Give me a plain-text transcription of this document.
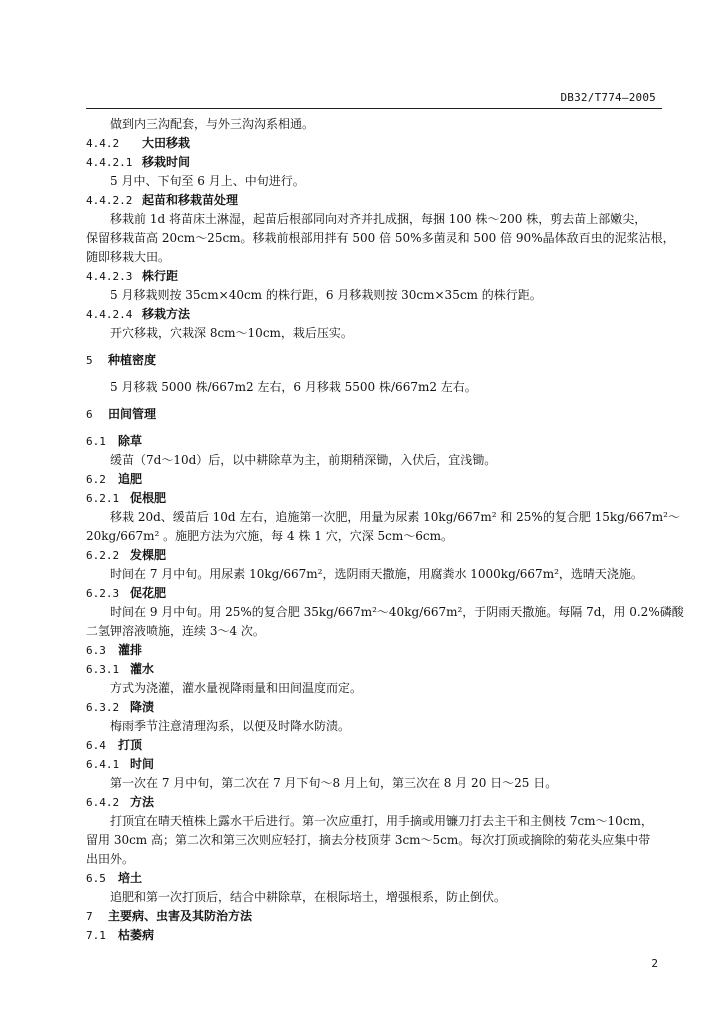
DB32/T774—2005
做到内三沟配套，与外三沟沟系相通。
4.4.2 大田移栽
4.4.2.1 移栽时间
5 月中、下旬至 6 月上、中旬进行。
4.4.2.2 起苗和移栽苗处理
移栽前 1d 将苗床土淋湿，起苗后根部同向对齐并扎成捆，每捆 100 株～200 株，剪去苗上部嫩尖，
保留移栽苗高 20cm～25cm。移栽前根部用拌有 500 倍 50%多菌灵和 500 倍 90%晶体敌百虫的泥浆沾根，
随即移栽大田。
4.4.2.3 株行距
5 月移栽则按 35cm×40cm 的株行距，6 月移栽则按 30cm×35cm 的株行距。
4.4.2.4 移栽方法
开穴移栽，穴栽深 8cm～10cm，栽后压实。
5 种植密度
5 月移栽 5000 株/667m2 左右，6 月移栽 5500 株/667m2 左右。
6 田间管理
6.1 除草
缓苗（7d～10d）后，以中耕除草为主，前期稍深锄，入伏后，宜浅锄。
6.2 追肥
6.2.1 促根肥
移栽 20d、缓苗后 10d 左右，追施第一次肥，用量为尿素 10kg/667m² 和 25%的复合肥 15kg/667m²～
20kg/667m² 。施肥方法为穴施，每 4 株 1 穴，穴深 5cm～6cm。
6.2.2 发棵肥
时间在 7 月中旬。用尿素 10kg/667m²，选阴雨天撒施，用腐粪水 1000kg/667m²，选晴天浇施。
6.2.3 促花肥
时间在 9 月中旬。用 25%的复合肥 35kg/667m²～40kg/667m²，于阴雨天撒施。每隔 7d，用 0.2%磷酸
二氢钾溶液喷施，连续 3～4 次。
6.3 灌排
6.3.1 灌水
方式为浇灌，灌水量视降雨量和田间温度而定。
6.3.2 降渍
梅雨季节注意清理沟系，以便及时降水防渍。
6.4 打顶
6.4.1 时间
第一次在 7 月中旬，第二次在 7 月下旬～8 月上旬，第三次在 8 月 20 日～25 日。
6.4.2 方法
打顶宜在晴天植株上露水干后进行。第一次应重打，用手摘或用镰刀打去主干和主侧枝 7cm～10cm，
留用 30cm 高；第二次和第三次则应轻打，摘去分枝顶芽 3cm～5cm。每次打顶或摘除的菊花头应集中带
出田外。
6.5 培土
追肥和第一次打顶后，结合中耕除草，在根际培土，增强根系，防止倒伏。
7 主要病、虫害及其防治方法
7.1 枯萎病
2
